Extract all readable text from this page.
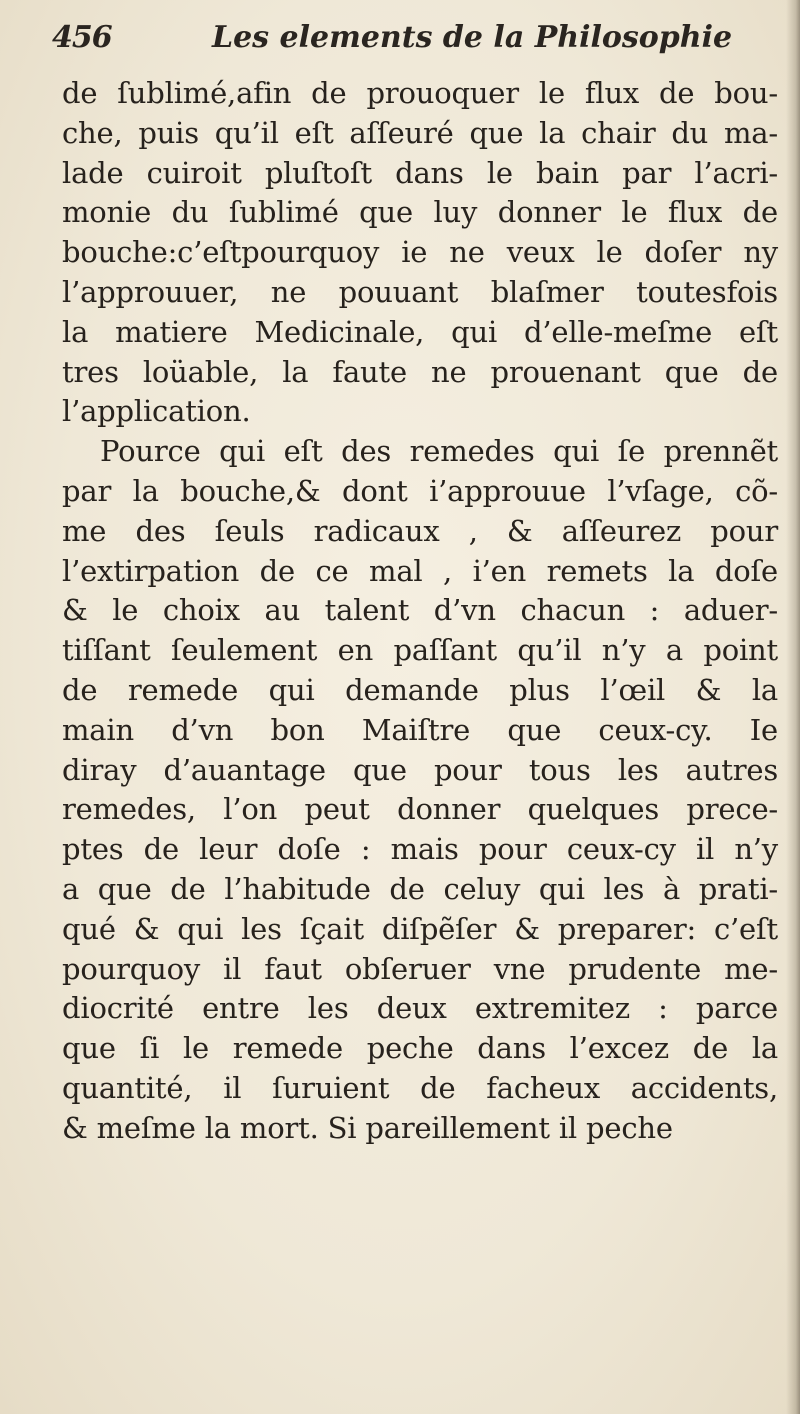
456	Les elements de la Philosophie
de ſublimé,afin de prouoquer le flux de bou-
che, puis qu’il eſt aſſeuré que la chair du ma-
lade cuiroit pluſtoſt dans le bain par l’acri-
monie du ſublimé que luy donner le flux de
bouche:c’eſtpourquoy ie ne veux le doſer ny
l’approuuer, ne pouuant blaſmer toutesfois
la matiere Medicinale, qui d’elle-meſme eſt
tres loüable, la faute ne prouenant que de
l’application.
Pource qui eſt des remedes qui ſe prennẽt
par la bouche,& dont i’approuue l’vſage, cõ-
me des ſeuls radicaux , & aſſeurez pour
l’extirpation de ce mal , i’en remets la doſe
& le choix au talent d’vn chacun : aduer-
tiſſant ſeulement en paſſant qu’il n’y a point
de remede qui demande plus l’œil & la
main d’vn bon Maiſtre que ceux-cy. Ie
diray d’auantage que pour tous les autres
remedes, l’on peut donner quelques prece-
ptes de leur doſe : mais pour ceux-cy il n’y
a que de l’habitude de celuy qui les à prati-
qué & qui les ſçait diſpẽſer & preparer: c’eſt
pourquoy il faut obſeruer vne prudente me-
diocrité entre les deux extremitez : parce
que ſi le remede peche dans l’excez de la
quantité, il ſuruient de facheux accidents,
& meſme la mort. Si pareillement il peche
